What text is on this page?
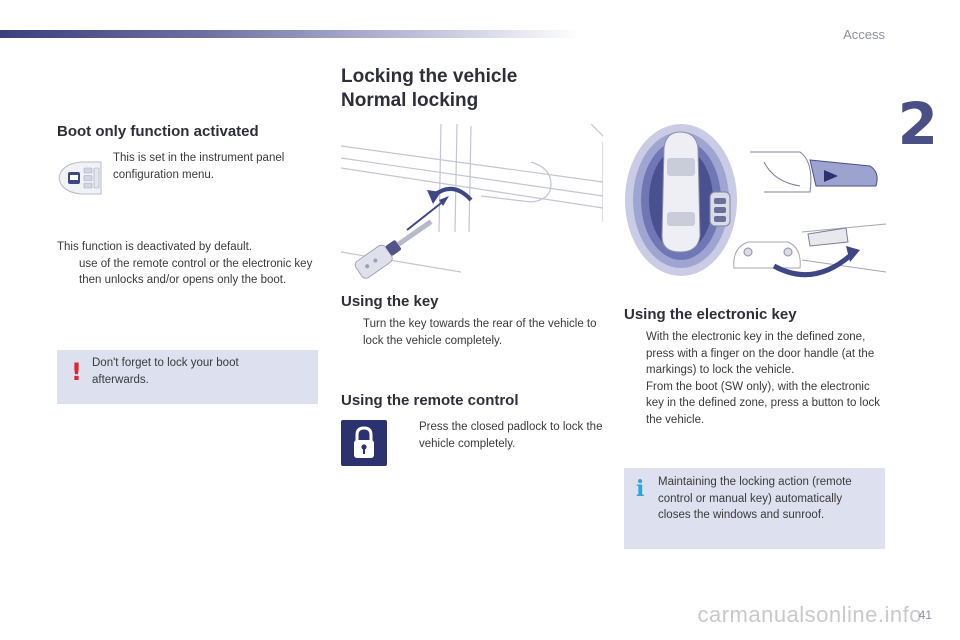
Access
2
Boot only function activated
This is set in the instrument panel configuration menu.
This function is deactivated by default.
use of the remote control or the electronic key then unlocks and/or opens only the boot.
! Don't forget to lock your boot afterwards.
Locking the vehicle
Normal locking
Using the key
Turn the key towards the rear of the vehicle to lock the vehicle completely.
Using the remote control
Press the closed padlock to lock the vehicle completely.
Using the electronic key
With the electronic key in the defined zone, press with a finger on the door handle (at the markings) to lock the vehicle.
From the boot (SW only), with the electronic key in the defined zone, press a button to lock the vehicle.
i Maintaining the locking action (remote control or manual key) automatically closes the windows and sunroof.
carmanualsonline.info
41
